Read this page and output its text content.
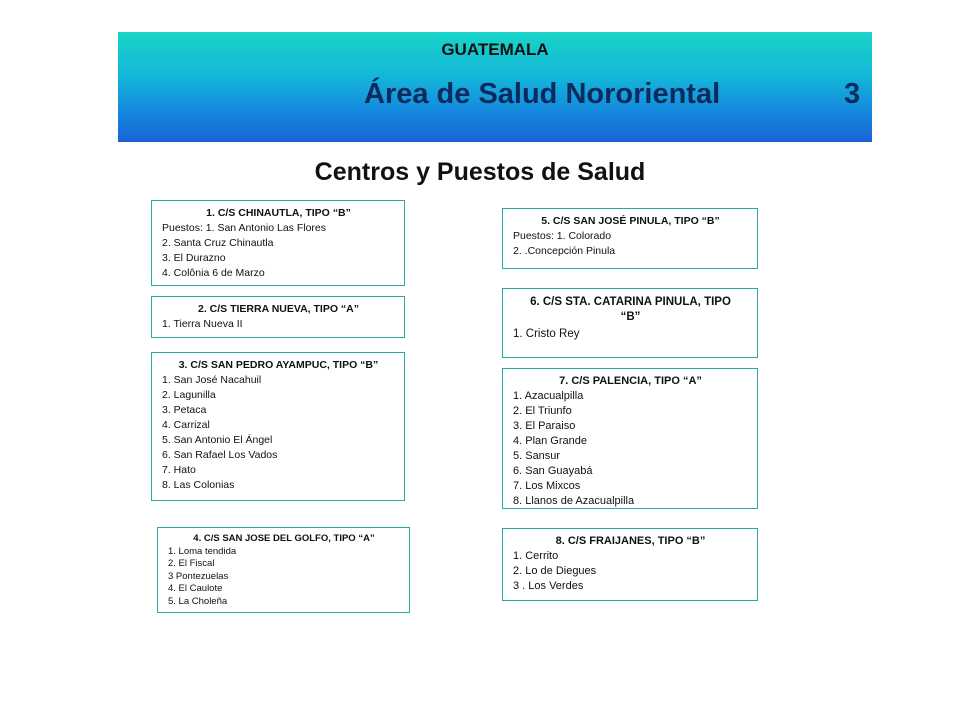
GUATEMALA
Área de Salud Nororiental	3
Centros y Puestos de Salud
1. C/S CHINAUTLA, TIPO “B”
Puestos: 1. San Antonio Las Flores
2. Santa Cruz Chinautla
3. El Durazno
4. Colônia 6 de Marzo
2. C/S TIERRA NUEVA, TIPO “A”
1. Tierra Nueva II
3. C/S SAN PEDRO AYAMPUC, TIPO “B”
1. San José Nacahuil
2. Lagunilla
3. Petaca
4. Carrizal
5. San Antonio El Ángel
6. San Rafael Los Vados
7. Hato
8. Las Colonias
4. C/S SAN JOSE DEL GOLFO, TIPO “A”
1. Loma tendida
2. El Fiscal
3 Pontezuelas
4. El Caulote
5. La Choleña
5. C/S SAN JOSÉ PINULA, TIPO “B”
Puestos: 1. Colorado
2. .Concepción Pinula
6. C/S STA. CATARINA PINULA, TIPO
“B”
1. Cristo Rey
7. C/S PALENCIA, TIPO “A”
1. Azacualpilla
2. El Triunfo
3. El Paraiso
4. Plan Grande
5. Sansur
6. San Guayabá
7. Los Mixcos
8. Llanos de Azacualpilla
8. C/S FRAIJANES, TIPO “B”
1. Cerrito
2. Lo de Diegues
3 . Los Verdes
